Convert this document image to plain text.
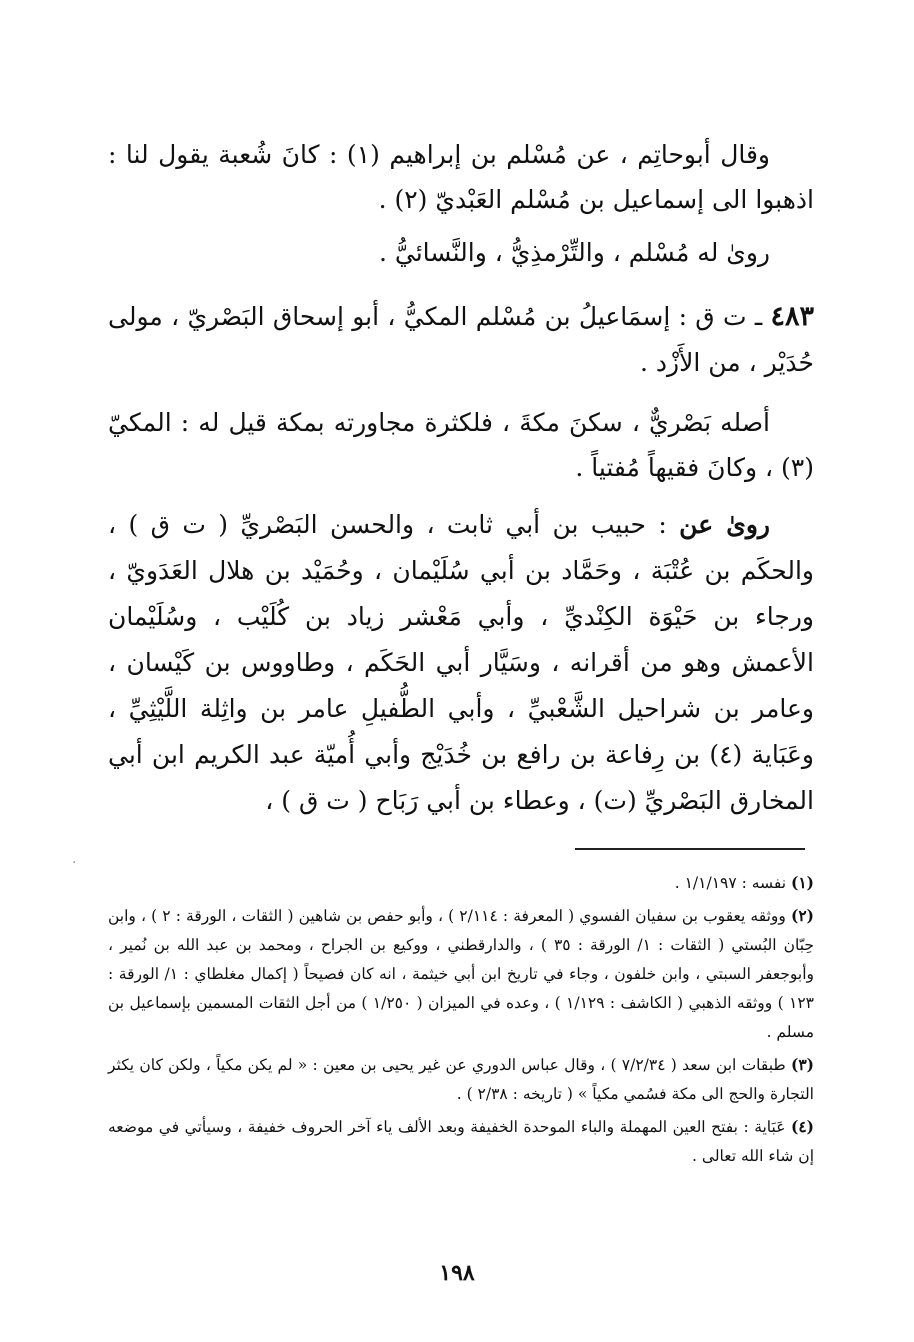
وقال أبوحاتِم ، عن مُسْلم بن إبراهيم (١) : كانَ شُعبة يقول لنا : اذهبوا الى إسماعيل بن مُسْلم العَبْديّ (٢) .

روىٰ له مُسْلم ، والتِّرْمذِيُّ ، والنَّسائيُّ .

٤٨٣ ـ ت ق : إسمَاعيلُ بن مُسْلم المكيُّ ، أبو إسحاق البَصْريّ ، مولى حُدَيْر ، من الأَزْد .

أصله بَصْريٌّ ، سكنَ مكةَ ، فلكثرة مجاورته بمكة قيل له : المكيّ (٣) ، وكانَ فقيهاً مُفتياً .

روىٰ عن : حبيب بن أبي ثابت ، والحسن البَصْريِّ ( ت ق ) ، والحكَم بن عُتْبَة ، وحَمَّاد بن أبي سُلَيْمان ، وحُمَيْد بن هلال العَدَويّ ، ورجاء بن حَيْوَة الكِنْديِّ ، وأبي مَعْشر زياد بن كُلَيْب ، وسُلَيْمان الأعمش وهو من أقرانه ، وسَيَّار أبي الحَكَم ، وطاووس بن كَيْسان ، وعامر بن شراحيل الشَّعْبيِّ ، وأبي الطُّفيلِ عامر بن واثِلة اللَّيْثِيِّ ، وعَبَاية (٤) بن رِفاعة بن رافع بن خُدَيْج وأبي أُميّة عبد الكريم ابن أبي المخارق البَصْريِّ (ت) ، وعطاء بن أبي رَبَاح ( ت ق ) ،

·

(١) نفسه : ١/١/١٩٧ .

(٢) ووثقه يعقوب بن سفيان الفسوي ( المعرفة : ٢/١١٤ ) ، وأبو حفص بن شاهين ( الثقات ، الورقة : ٢ ) ، وابن حِبّان البُستي ( الثقات : ١/ الورقة : ٣٥ ) ، والدارقطني ، ووكيع بن الجراح ، ومحمد بن عبد الله بن نُمير ، وأبوجعفر السبتي ، وابن خلفون ، وجاء في تاريخ ابن أبي خيثمة ، انه كان فصيحاً ( إكمال مغلطاي : ١/ الورقة : ١٢٣ ) ووثقه الذهبي ( الكاشف : ١/١٢٩ ) ، وعده في الميزان ( ١/٢٥٠ ) من أجل الثقات المسمين بإسماعيل بن مسلم .

(٣) طبقات ابن سعد ( ٧/٢/٣٤ ) ، وقال عباس الدوري عن غير يحيى بن معين : « لم يكن مكياً ، ولكن كان يكثر التجارة والحج الى مكة فسُمي مكياً » ( تاريخه : ٢/٣٨ ) .

(٤) عَبَاية : بفتح العين المهملة والباء الموحدة الخفيفة وبعد الألف ياء آخر الحروف خفيفة ، وسيأتي في موضعه إن شاء الله تعالى .

١٩٨
